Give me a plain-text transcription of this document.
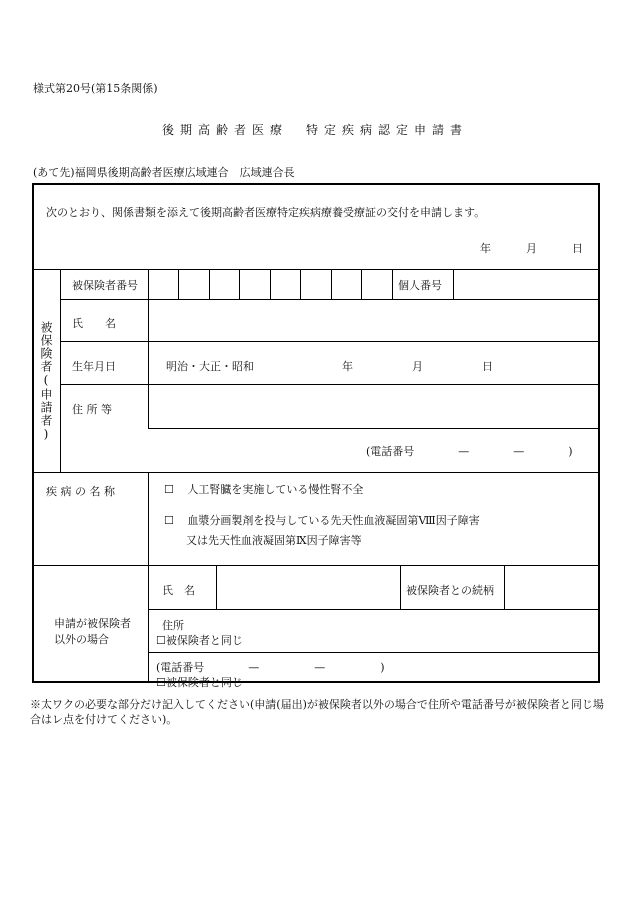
様式第20号(第15条関係)
後期高齢者医療　特定疾病認定申請書
(あて先)福岡県後期高齢者医療広域連合　広域連合長
次のとおり、関係書類を添えて後期高齢者医療特定疾病療養受療証の交付を申請します。
年	月	日
被保険者(申請者)
被保険者番号	個人番号
氏　　名
生年月日	明治・大正・昭和	年	月	日
住 所 等
(電話番号　　　　—　　　　—　　　　)
疾 病 の 名 称	☐ 人工腎臓を実施している慢性腎不全
☐ 血漿分画製剤を投与している先天性血液凝固第Ⅷ因子障害
又は先天性血液凝固第Ⅸ因子障害等
申請が被保険者
以外の場合
氏　名	被保険者との続柄
住所
☐被保険者と同じ
(電話番号　　　　—　　　　　—　　　　　)
☐被保険者と同じ
※太ワクの必要な部分だけ記入してください(申請(届出)が被保険者以外の場合で住所や電話番号が被保険者と同じ場合はレ点を付けてください)。
